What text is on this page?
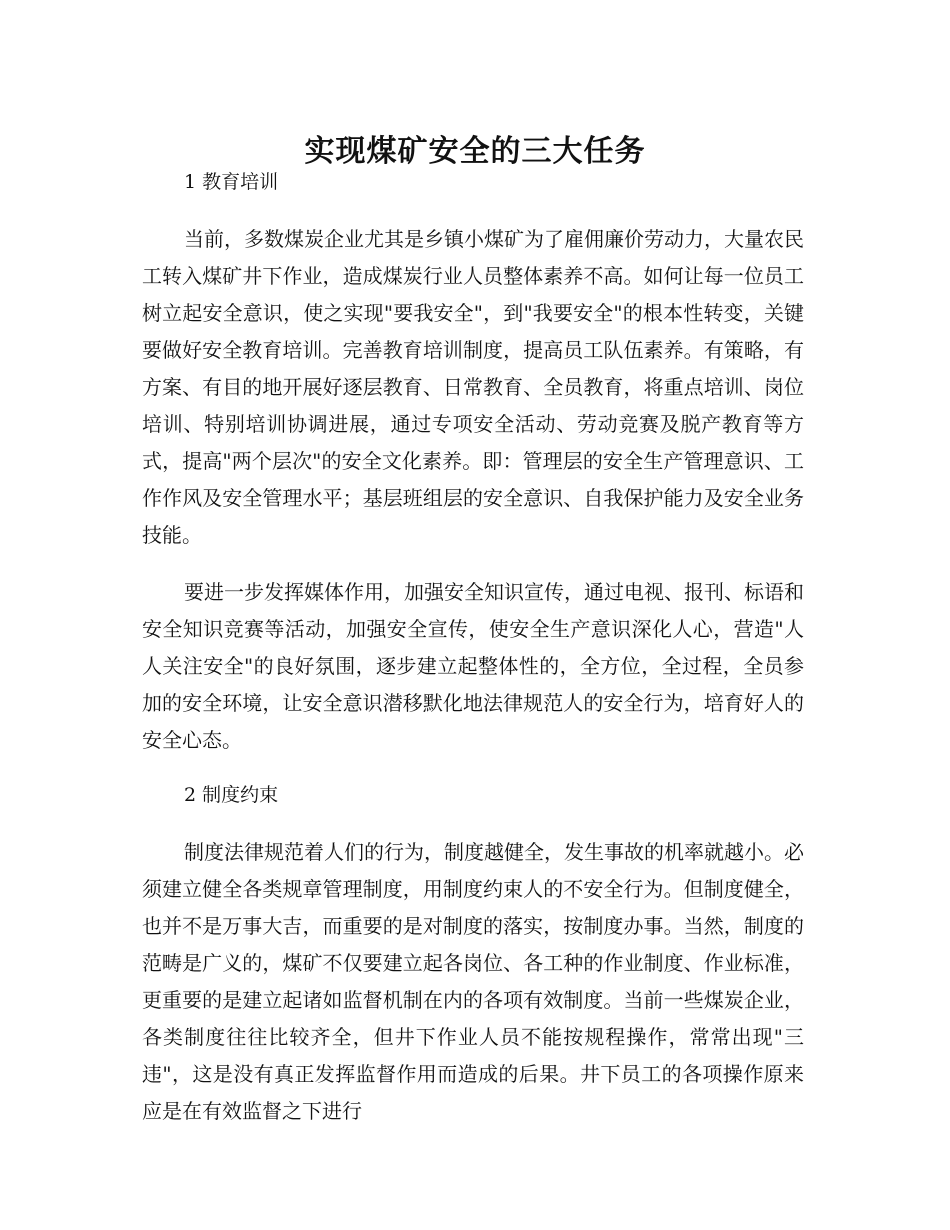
实现煤矿安全的三大任务

1 教育培训

当前，多数煤炭企业尤其是乡镇小煤矿为了雇佣廉价劳动力，大量农民工转入煤矿井下作业，造成煤炭行业人员整体素养不高。如何让每一位员工树立起安全意识，使之实现"要我安全"，到"我要安全"的根本性转变，关键要做好安全教育培训。完善教育培训制度，提高员工队伍素养。有策略，有方案、有目的地开展好逐层教育、日常教育、全员教育，将重点培训、岗位培训、特别培训协调进展，通过专项安全活动、劳动竞赛及脱产教育等方式，提高"两个层次"的安全文化素养。即：管理层的安全生产管理意识、工作作风及安全管理水平；基层班组层的安全意识、自我保护能力及安全业务技能。

要进一步发挥媒体作用，加强安全知识宣传，通过电视、报刊、标语和安全知识竞赛等活动，加强安全宣传，使安全生产意识深化人心，营造"人人关注安全"的良好氛围，逐步建立起整体性的，全方位，全过程，全员参加的安全环境，让安全意识潜移默化地法律规范人的安全行为，培育好人的安全心态。

2 制度约束

制度法律规范着人们的行为，制度越健全，发生事故的机率就越小。必须建立健全各类规章管理制度，用制度约束人的不安全行为。但制度健全，也并不是万事大吉，而重要的是对制度的落实，按制度办事。当然，制度的范畴是广义的，煤矿不仅要建立起各岗位、各工种的作业制度、作业标准，更重要的是建立起诸如监督机制在内的各项有效制度。当前一些煤炭企业，各类制度往往比较齐全，但井下作业人员不能按规程操作，常常出现"三违"，这是没有真正发挥监督作用而造成的后果。井下员工的各项操作原来应是在有效监督之下进行
